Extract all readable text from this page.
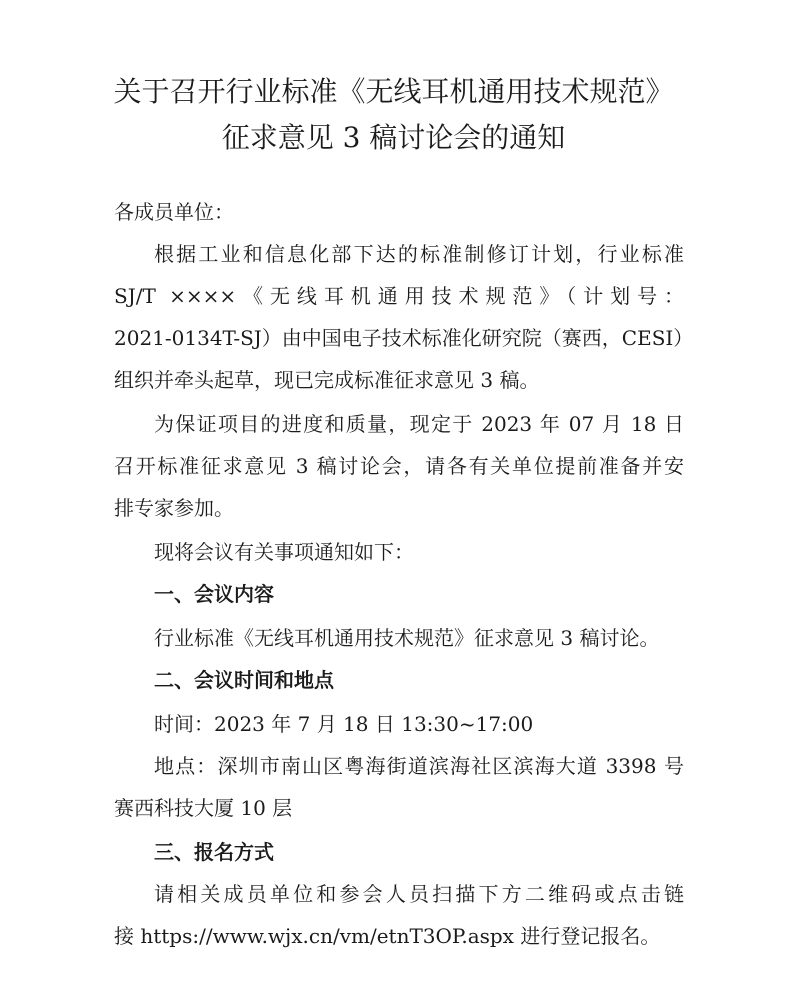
关于召开行业标准《无线耳机通用技术规范》
征求意见 3 稿讨论会的通知
各成员单位：
根据工业和信息化部下达的标准制修订计划，行业标准
SJ/T ××××《无线耳机通用技术规范》（计划号：
2021-0134T-SJ）由中国电子技术标准化研究院（赛西，CESI）
组织并牵头起草，现已完成标准征求意见 3 稿。
为保证项目的进度和质量，现定于 2023 年 07 月 18 日
召开标准征求意见 3 稿讨论会，请各有关单位提前准备并安
排专家参加。
现将会议有关事项通知如下：
一、会议内容
行业标准《无线耳机通用技术规范》征求意见 3 稿讨论。
二、会议时间和地点
时间：2023 年 7 月 18 日 13:30~17:00
地点：深圳市南山区粤海街道滨海社区滨海大道 3398 号
赛西科技大厦 10 层
三、报名方式
请相关成员单位和参会人员扫描下方二维码或点击链
接 https://www.wjx.cn/vm/etnT3OP.aspx 进行登记报名。
